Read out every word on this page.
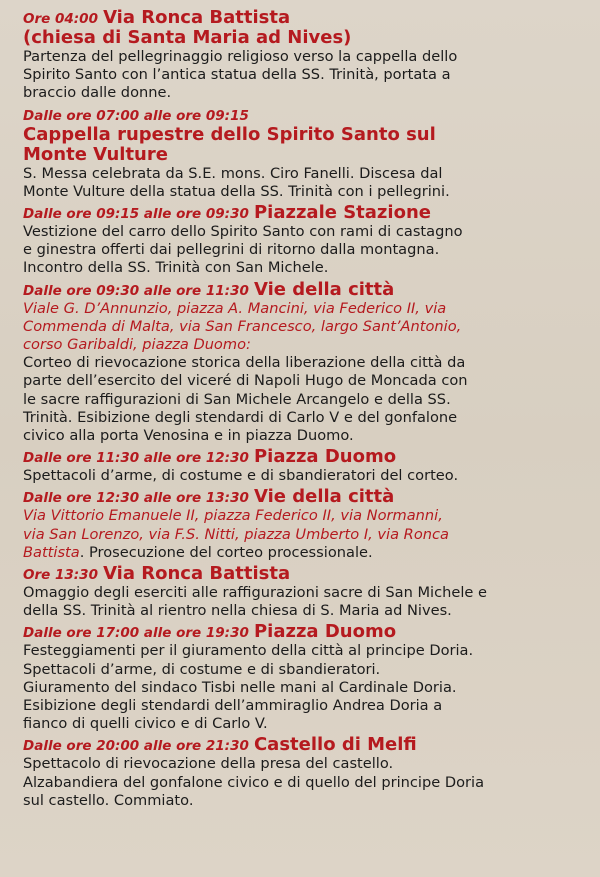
Ore 04:00 Via Ronca Battista
(chiesa di Santa Maria ad Nives)
Partenza del pellegrinaggio religioso verso la cappella dello
Spirito Santo con l’antica statua della SS. Trinità, portata a
braccio dalle donne.
Dalle ore 07:00 alle ore 09:15
Cappella rupestre dello Spirito Santo sul
Monte Vulture
S. Messa celebrata da S.E. mons. Ciro Fanelli. Discesa dal
Monte Vulture della statua della SS. Trinità con i pellegrini.
Dalle ore 09:15 alle ore 09:30 Piazzale Stazione
Vestizione del carro dello Spirito Santo con rami di castagno
e ginestra offerti dai pellegrini di ritorno dalla montagna.
Incontro della SS. Trinità con San Michele.
Dalle ore 09:30 alle ore 11:30 Vie della città
Viale G. D’Annunzio, piazza A. Mancini, via Federico II, via
Commenda di Malta, via San Francesco, largo Sant’Antonio,
corso Garibaldi, piazza Duomo:
Corteo di rievocazione storica della liberazione della città da
parte dell’esercito del viceré di Napoli Hugo de Moncada con
le sacre raffigurazioni di San Michele Arcangelo e della SS.
Trinità. Esibizione degli stendardi di Carlo V e del gonfalone
civico alla porta Venosina e in piazza Duomo.
Dalle ore 11:30 alle ore 12:30 Piazza Duomo
Spettacoli d’arme, di costume e di sbandieratori del corteo.
Dalle ore 12:30 alle ore 13:30 Vie della città
Via Vittorio Emanuele II, piazza Federico II, via Normanni,
via San Lorenzo, via F.S. Nitti, piazza Umberto I, via Ronca
Battista. Prosecuzione del corteo processionale.
Ore 13:30 Via Ronca Battista
Omaggio degli eserciti alle raffigurazioni sacre di San Michele e
della SS. Trinità al rientro nella chiesa di S. Maria ad Nives.
Dalle ore 17:00 alle ore 19:30 Piazza Duomo
Festeggiamenti per il giuramento della città al principe Doria.
Spettacoli d’arme, di costume e di sbandieratori.
Giuramento del sindaco Tisbi nelle mani al Cardinale Doria.
Esibizione degli stendardi dell’ammiraglio Andrea Doria a
fianco di quelli civico e di Carlo V.
Dalle ore 20:00 alle ore 21:30 Castello di Melfi
Spettacolo di rievocazione della presa del castello.
Alzabandiera del gonfalone civico e di quello del principe Doria
sul castello. Commiato.
